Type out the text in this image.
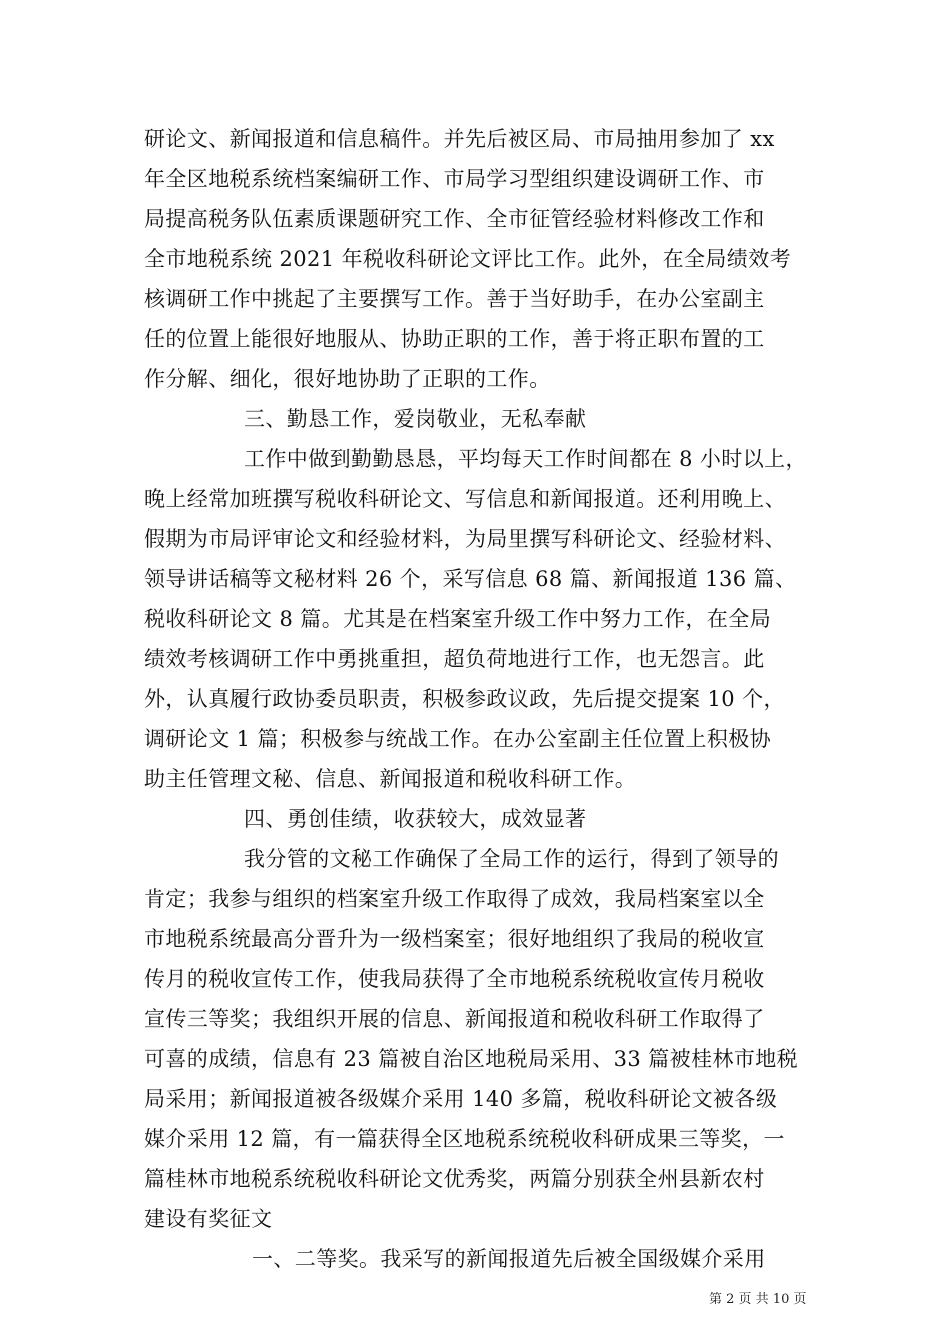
研论文、新闻报道和信息稿件。并先后被区局、市局抽用参加了 xx
年全区地税系统档案编研工作、市局学习型组织建设调研工作、市
局提高税务队伍素质课题研究工作、全市征管经验材料修改工作和
全市地税系统 2021 年税收科研论文评比工作。此外，在全局绩效考
核调研工作中挑起了主要撰写工作。善于当好助手，在办公室副主
任的位置上能很好地服从、协助正职的工作，善于将正职布置的工
作分解、细化，很好地协助了正职的工作。
三、勤恳工作，爱岗敬业，无私奉献
工作中做到勤勤恳恳，平均每天工作时间都在 8 小时以上，
晚上经常加班撰写税收科研论文、写信息和新闻报道。还利用晚上、
假期为市局评审论文和经验材料，为局里撰写科研论文、经验材料、
领导讲话稿等文秘材料 26 个，采写信息 68 篇、新闻报道 136 篇、
税收科研论文 8 篇。尤其是在档案室升级工作中努力工作，在全局
绩效考核调研工作中勇挑重担，超负荷地进行工作，也无怨言。此
外，认真履行政协委员职责，积极参政议政，先后提交提案 10 个，
调研论文 1 篇；积极参与统战工作。在办公室副主任位置上积极协
助主任管理文秘、信息、新闻报道和税收科研工作。
四、勇创佳绩，收获较大，成效显著
我分管的文秘工作确保了全局工作的运行，得到了领导的
肯定；我参与组织的档案室升级工作取得了成效，我局档案室以全
市地税系统最高分晋升为一级档案室；很好地组织了我局的税收宣
传月的税收宣传工作，使我局获得了全市地税系统税收宣传月税收
宣传三等奖；我组织开展的信息、新闻报道和税收科研工作取得了
可喜的成绩，信息有 23 篇被自治区地税局采用、33 篇被桂林市地税
局采用；新闻报道被各级媒介采用 140 多篇，税收科研论文被各级
媒介采用 12 篇，有一篇获得全区地税系统税收科研成果三等奖，一
篇桂林市地税系统税收科研论文优秀奖，两篇分别获全州县新农村
建设有奖征文
一、二等奖。我采写的新闻报道先后被全国级媒介采用
第 2 页 共 10 页
